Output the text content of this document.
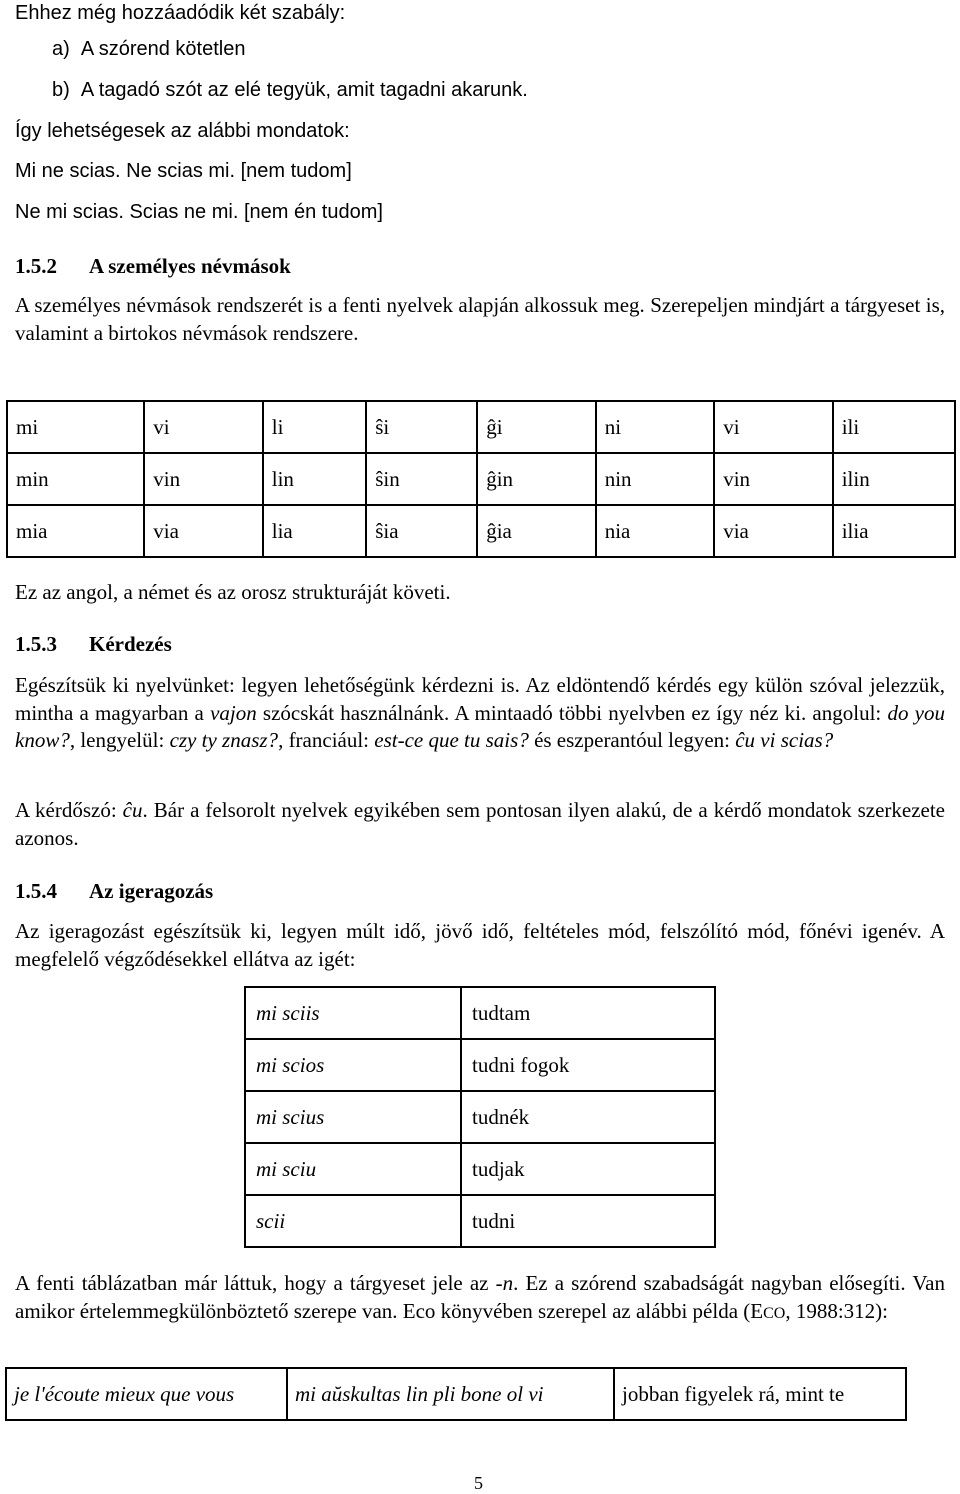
Ehhez még hozzáadódik két szabály:
a)  A szórend kötetlen
b)  A tagadó szót az elé tegyük, amit tagadni akarunk.
Így lehetségesek az alábbi mondatok:
Mi ne scias. Ne scias mi. [nem tudom]
Ne mi scias. Scias ne mi. [nem én tudom]
1.5.2 A személyes névmások
A személyes névmások rendszerét is a fenti nyelvek alapján alkossuk meg. Szerepeljen mindjárt a tárgyeset is, valamint a birtokos névmások rendszere.
mi	vi	li	ŝi	ĝi	ni	vi	ili
min	vin	lin	ŝin	ĝin	nin	vin	ilin
mia	via	lia	ŝia	ĝia	nia	via	ilia
Ez az angol, a német és az orosz strukturáját követi.
1.5.3 Kérdezés
Egészítsük ki nyelvünket: legyen lehetőségünk kérdezni is. Az eldöntendő kérdés egy külön szóval jelezzük, mintha a magyarban a vajon szócskát használnánk. A mintaadó többi nyelvben ez így néz ki. angolul: do you know?, lengyelül: czy ty znasz?, franciául: est-ce que tu sais? és eszperantóul legyen: ĉu vi scias?
A kérdőszó: ĉu. Bár a felsorolt nyelvek egyikében sem pontosan ilyen alakú, de a kérdő mondatok szerkezete azonos.
1.5.4 Az igeragozás
Az igeragozást egészítsük ki, legyen múlt idő, jövő idő, feltételes mód, felszólító mód, főnévi igenév. A megfelelő végződésekkel ellátva az igét:
mi sciis	tudtam
mi scios	tudni fogok
mi scius	tudnék
mi sciu	tudjak
scii	tudni
A fenti táblázatban már láttuk, hogy a tárgyeset jele az -n. Ez a szórend szabadságát nagyban elősegíti. Van amikor értelemmegkülönböztető szerepe van. Eco könyvében szerepel az alábbi példa (ECO, 1988:312):
je l'écoute mieux que vous	mi aŭskultas lin pli bone ol vi	jobban figyelek rá, mint te
5
